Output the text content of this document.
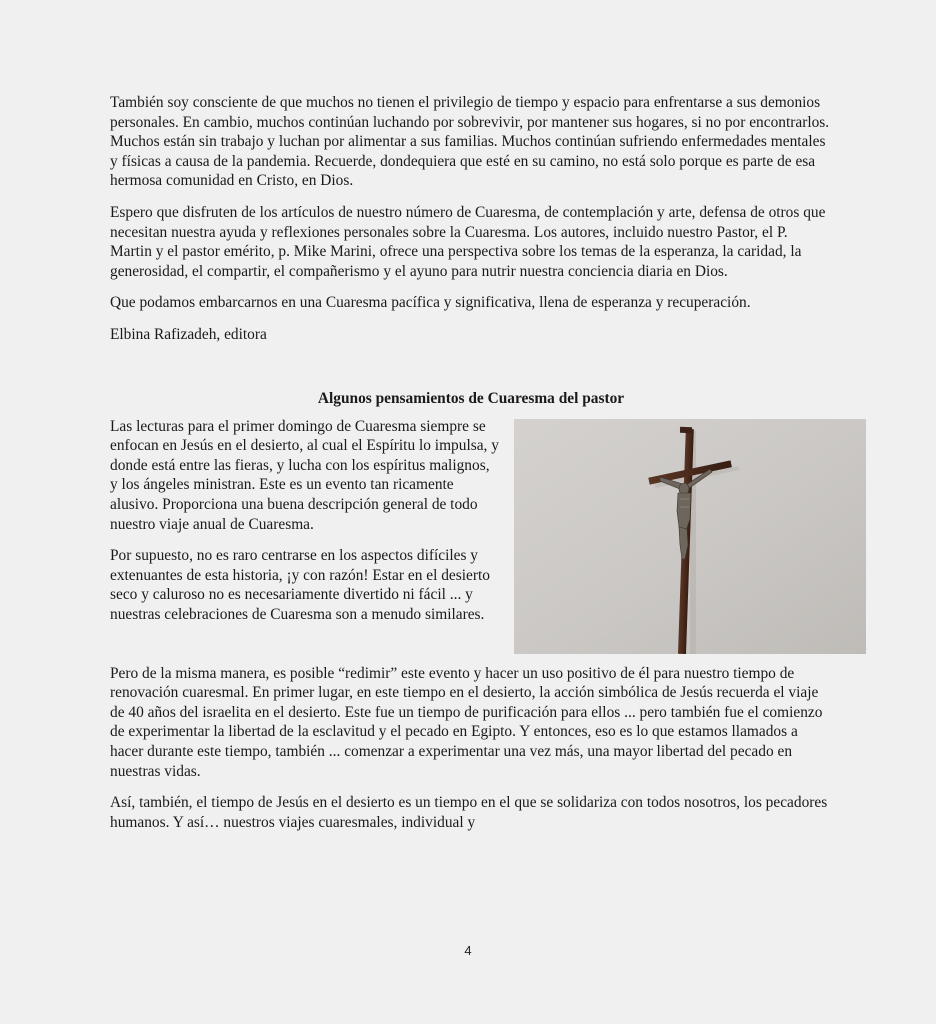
También soy consciente de que muchos no tienen el privilegio de tiempo y espacio para enfrentarse a sus demonios personales. En cambio, muchos continúan luchando por sobrevivir, por mantener sus hogares, si no por encontrarlos. Muchos están sin trabajo y luchan por alimentar a sus familias. Muchos continúan sufriendo enfermedades mentales y físicas a causa de la pandemia. Recuerde, dondequiera que esté en su camino, no está solo porque es parte de esa hermosa comunidad en Cristo, en Dios.

Espero que disfruten de los artículos de nuestro número de Cuaresma, de contemplación y arte, defensa de otros que necesitan nuestra ayuda y reflexiones personales sobre la Cuaresma. Los autores, incluido nuestro Pastor, el P. Martin y el pastor emérito, p. Mike Marini, ofrece una perspectiva sobre los temas de la esperanza, la caridad, la generosidad, el compartir, el compañerismo y el ayuno para nutrir nuestra conciencia diaria en Dios.

Que podamos embarcarnos en una Cuaresma pacífica y significativa, llena de esperanza y recuperación.

Elbina Rafizadeh, editora

Algunos pensamientos de Cuaresma del pastor

Las lecturas para el primer domingo de Cuaresma siempre se enfocan en Jesús en el desierto, al cual el Espíritu lo impulsa, y donde está entre las fieras, y lucha con los espíritus malignos, y los ángeles ministran. Este es un evento tan ricamente alusivo. Proporciona una buena descripción general de todo nuestro viaje anual de Cuaresma.

Por supuesto, no es raro centrarse en los aspectos difíciles y extenuantes de esta historia, ¡y con razón! Estar en el desierto seco y caluroso no es necesariamente divertido ni fácil ... y nuestras celebraciones de Cuaresma son a menudo similares.

Pero de la misma manera, es posible “redimir” este evento y hacer un uso positivo de él para nuestro tiempo de renovación cuaresmal. En primer lugar, en este tiempo en el desierto, la acción simbólica de Jesús recuerda el viaje de 40 años del israelita en el desierto. Este fue un tiempo de purificación para ellos ... pero también fue el comienzo de experimentar la libertad de la esclavitud y el pecado en Egipto. Y entonces, eso es lo que estamos llamados a hacer durante este tiempo, también ... comenzar a experimentar una vez más, una mayor libertad del pecado en nuestras vidas.

Así, también, el tiempo de Jesús en el desierto es un tiempo en el que se solidariza con todos nosotros, los pecadores humanos. Y así… nuestros viajes cuaresmales, individual y

4
